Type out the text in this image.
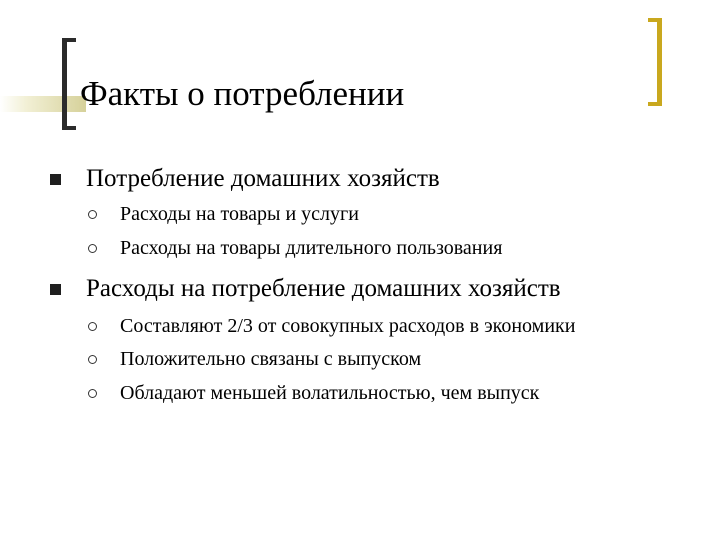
Факты о потреблении
Потребление домашних хозяйств
Расходы на товары и услуги
Расходы на товары длительного пользования
Расходы на потребление домашних хозяйств
Составляют 2/3 от совокупных расходов в экономики
Положительно связаны с выпуском
Обладают меньшей волатильностью, чем выпуск
